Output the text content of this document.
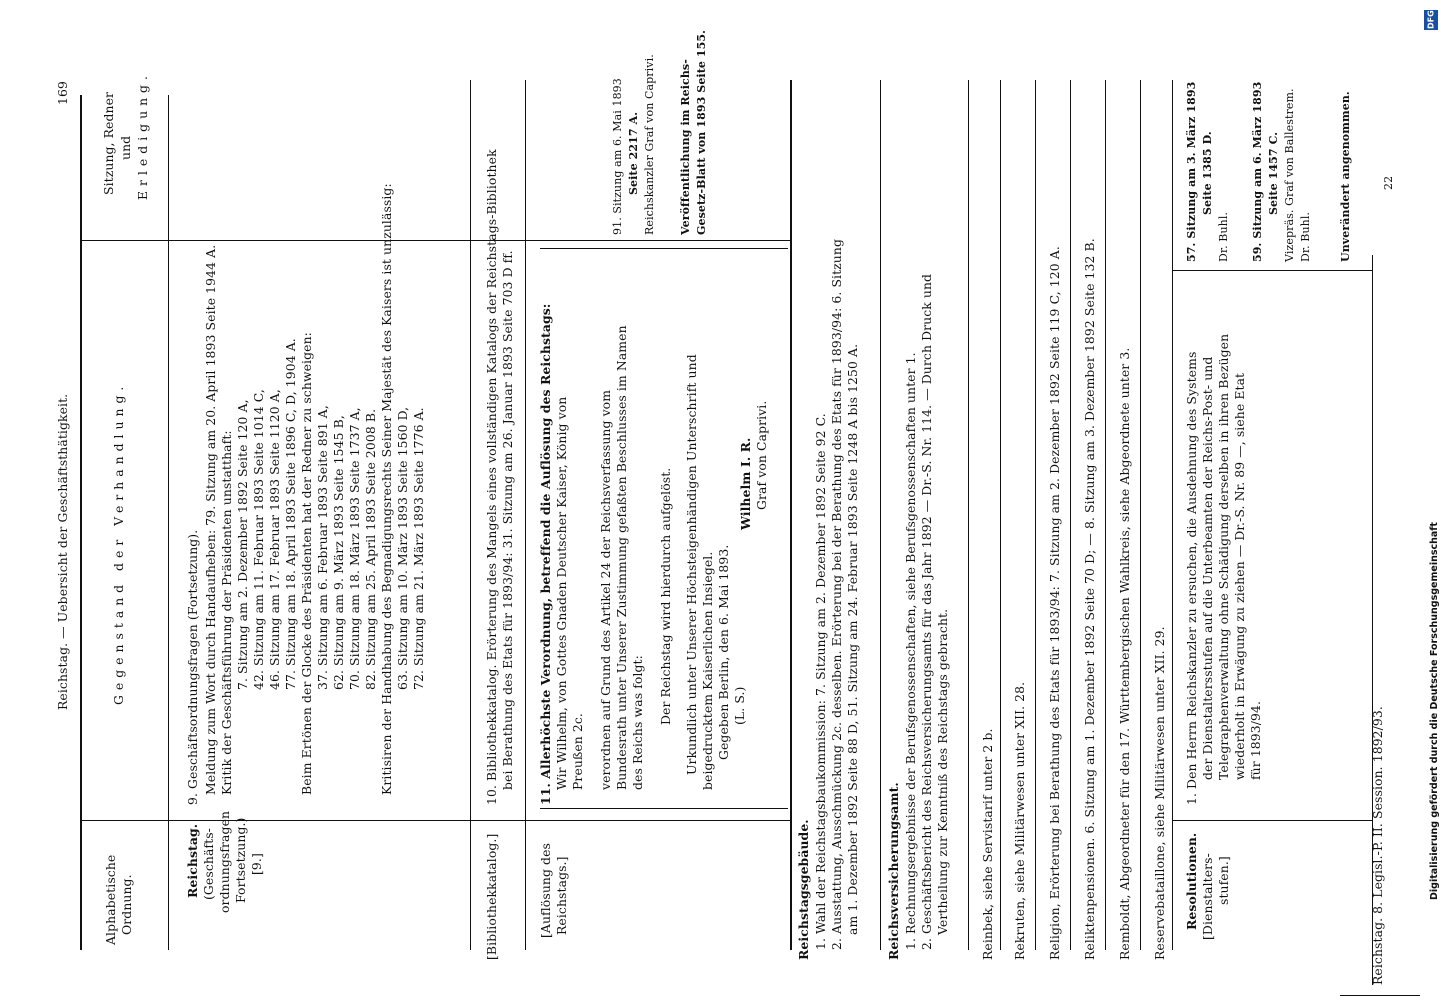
169
Reichstag. — Uebersicht der Geschäftsthätigkeit.
Alphabetische Ordnung.
Gegenstand der Verhandlung.
Sitzung, Redner und Erledigung.
Reichstag. (Geschäfts- ordnungsfragen Fortsetzung.) [9.]
9. Geschäftsordnungsfragen (Fortsetzung). Meldung zum Wort durch Handaufheben: 79. Sitzung am 20. April 1893 Seite 1944 A. Kritik der Geschäftsführung der Präsidenten unstatthaft: 7. Sitzung am 2. Dezember 1892 Seite 120 A, 42. Sitzung am 11. Februar 1893 Seite 1014 C, 46. Sitzung am 17. Februar 1893 Seite 1120 A, 77. Sitzung am 18. April 1893 Seite 1896 C, D, 1904 A. Beim Ertönen der Glocke des Präsidenten hat der Redner zu schweigen: 37. Sitzung am 6. Februar 1893 Seite 891 A, 62. Sitzung am 9. März 1893 Seite 1545 B, 70. Sitzung am 18. März 1893 Seite 1737 A, 82. Sitzung am 25. April 1893 Seite 2008 B. Kritisiren der Handhabung des Begnadigungsrechts Seiner Majestät des Kaisers ist unzulässig: 63. Sitzung am 10. März 1893 Seite 1560 D, 72. Sitzung am 21. März 1893 Seite 1776 A.
[Bibliothekkatalog.]
10. Bibliothekkatalog. Erörterung des Mangels eines vollständigen Katalogs der Reichstags-Bibliothek bei Berathung des Etats für 1893/94: 31. Sitzung am 26. Januar 1893 Seite 703 D ff.
[Auflösung des Reichstags.]
11. Allerhöchste Verordnung, betreffend die Auflösung des Reichstags: Wir Wilhelm, von Gottes Gnaden Deutscher Kaiser, König von Preußen 2c. verordnen auf Grund des Artikel 24 der Reichsverfassung vom Bundesrath unter Unserer Zustimmung gefaßten Beschlusses im Namen des Reichs was folgt: Der Reichstag wird hierdurch aufgelöst. Urkundlich unter Unserer Höchsteigenhändigen Unterschrift und beigedrucktem Kaiserlichen Insiegel. Gegeben Berlin, den 6. Mai 1893. (L. S.)
Wilhelm I. R. Graf von Caprivi.
91. Sitzung am 6. Mai 1893 Seite 2217 A. Reichskanzler Graf von Caprivi. Veröffentlichung im Reichs- Gesetz-Blatt von 1893 Seite 155.
Reichstagsgebäude. 1. Wahl der Reichstagsbaukommission: 7. Sitzung am 2. Dezember 1892 Seite 92 C. 2. Ausstattung, Ausschmückung 2c. desselben. Erörterung bei der Berathung des Etats für 1893/94: 6. Sitzung am 1. Dezember 1892 Seite 88 D, 51. Sitzung am 24. Februar 1893 Seite 1248 A bis 1250 A. Reichsversicherungsamt. 1. Rechnungsergebnisse der Berufsgenossenschaften, siehe Berufsgenossenschaften unter 1. 2. Geschäftsbericht des Reichsversicherungsamts für das Jahr 1892 — Dr.-S. Nr. 114. — Durch Druck und Vertheilung zur Kenntniß des Reichstags gebracht. Reinbek, siehe Servistarif unter 2 b. Rekruten, siehe Militärwesen unter XII. 28. Religion, Erörterung bei Berathung des Etats für 1893/94: 7. Sitzung am 2. Dezember 1892 Seite 119 C, 120 A. Reliktenpensionen. 6. Sitzung am 1. Dezember 1892 Seite 70 D; — 8. Sitzung am 3. Dezember 1892 Seite 132 B. Remboldt, Abgeordneter für den 17. Württembergischen Wahlkreis, siehe Abgeordnete unter 3. Reservebataillone, siehe Militärwesen unter XII. 29. Resolutionen. [Dienstalters- stufen.]
1. Den Herrn Reichskanzler zu ersuchen, die Ausdehnung des Systems der Dienstaltersstufen auf die Unterbeamten der Reichs-Post- und Telegraphenverwaltung ohne Schädigung derselben in ihren Bezügen wiederholt in Erwägung zu ziehen — Dr.-S. Nr. 89 —, siehe Etat für 1893/94.
57. Sitzung am 3. März 1893 Seite 1385 D.
Dr. Buhl. 59. Sitzung am 6. März 1893 Seite 1457 C. Vizepräs. Graf von Ballestrem. Dr. Buhl. Unverändert angenommen.
Reichstag. 8. Legisl.-P. II. Session. 1892/93.
22
Digitalisierung gefördert durch die Deutsche Forschungsgemeinschaft
DFG
